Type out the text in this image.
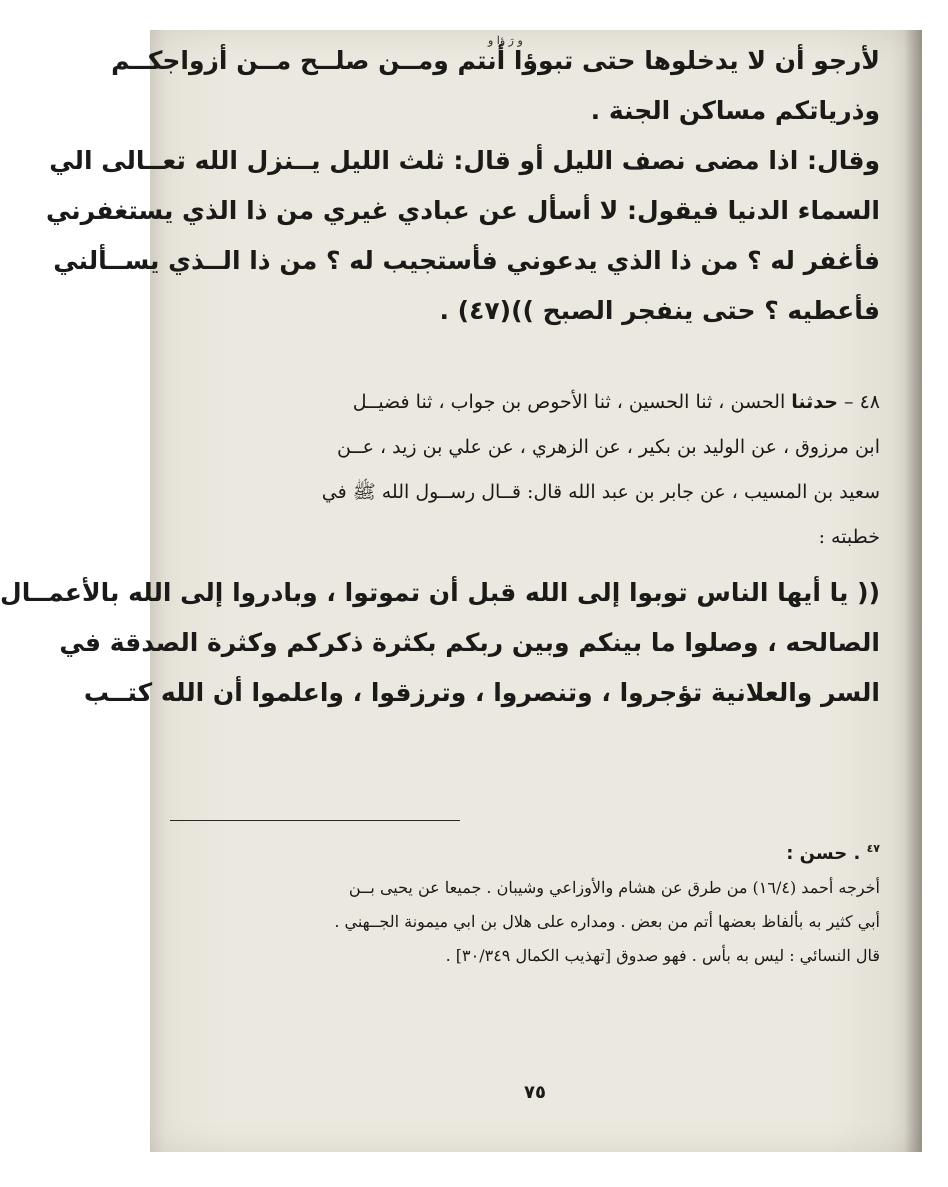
و رَ ؤا و

لأرجو أن لا يدخلوها حتى تبوؤا أنتم ومــن صلــح مــن أزواجكــم

وذرياتكم مساكن الجنة .

وقال: اذا مضى نصف الليل أو قال: ثلث الليل يــنزل الله تعــالى الي

السماء الدنيا فيقول: لا أسأل عن عبادي غيري من ذا الذي يستغفرني

فأغفر له ؟ من ذا الذي يدعوني فأستجيب له ؟ من ذا الــذي يســألني

فأعطيه ؟ حتى ينفجر الصبح ))(٤٧) .

٤٨ – حدثنا الحسن ، ثنا الحسين ، ثنا الأحوص بن جواب ، ثنا فضيــل

ابن مرزوق ، عن الوليد بن بكير ، عن الزهري ، عن علي بن زيد ، عــن

سعيد بن المسيب ، عن جابر بن عبد الله قال: قــال رســول الله ﷺ في

خطبته :

(( يا أيها الناس توبوا إلى الله قبل أن تموتوا ، وبادروا إلى الله بالأعمــال

الصالحه ، وصلوا ما بينكم وبين ربكم بكثرة ذكركم وكثرة الصدقة في

السر والعلانية تؤجروا ، وتنصروا ، وترزقوا ، واعلموا أن الله كتــب

$^{٤٧}$ . حسن :

أخرجه أحمد (١٦/٤) من طرق عن هشام والأوزاعي وشيبان . جميعا عن يحيى بــن

أبي كثير به بألفاظ بعضها أتم من بعض . ومداره على هلال بن ابي ميمونة الجــهني .

قال النسائي : ليس به بأس . فهو صدوق [تهذيب الكمال ٣٠/٣٤٩] .

٧٥
